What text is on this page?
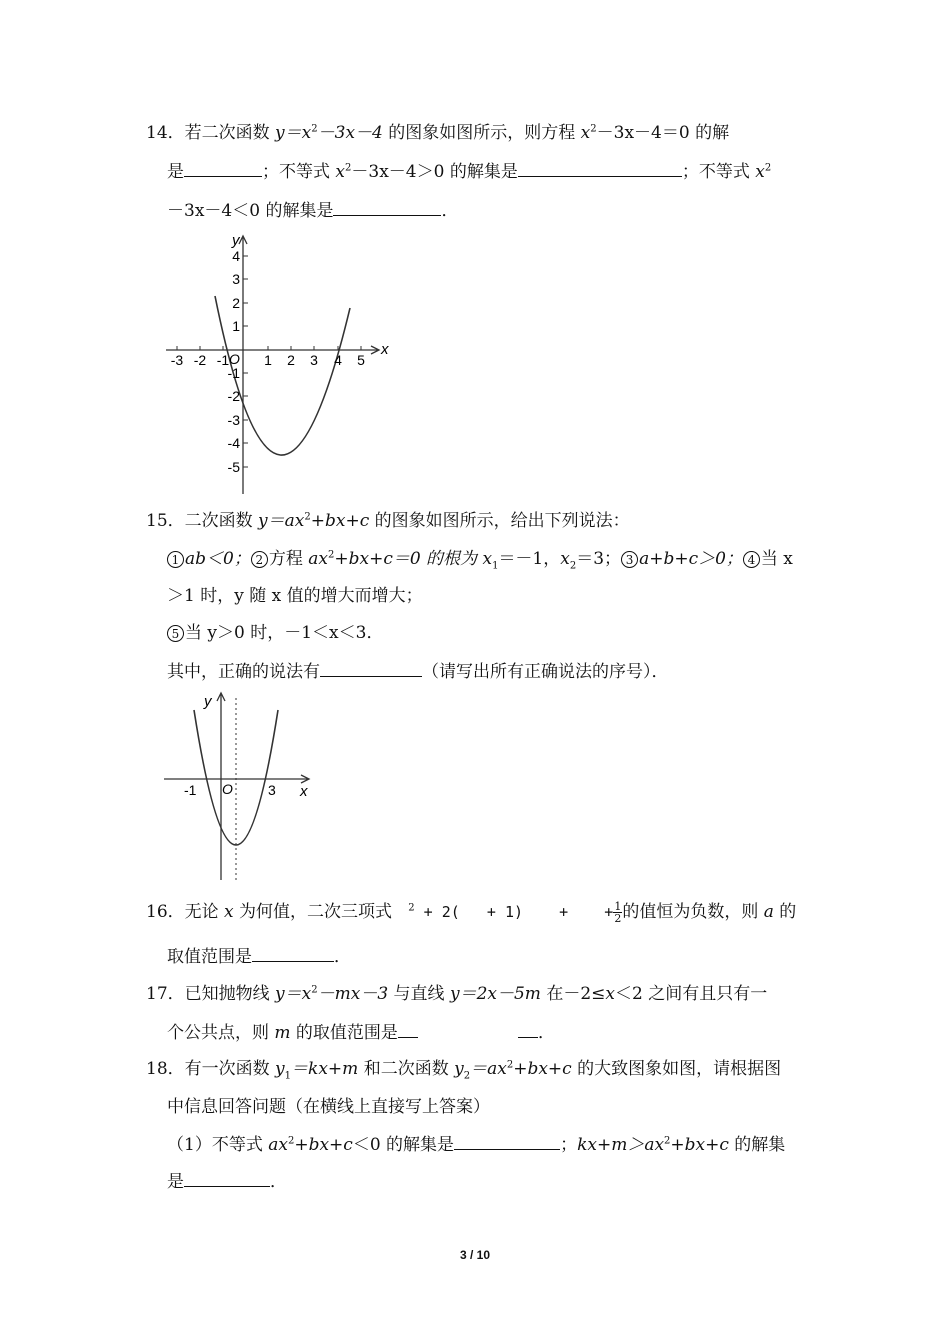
14．若二次函数 $y=x^2-3x-4$ 的图象如图所示，则方程 $x^2-3x-4=0$ 的解
是	；不等式 $x^2-3x-4>0$ 的解集是	；不等式 $x^2$
－3x－4＜0 的解集是	．
y
x
O
4
3
2
1
-1
-2
-3
-4
-5
-3 -2 -1 1 2 3 4 5
15．二次函数 $y=ax^2+bx+c$ 的图象如图所示，给出下列说法：
1 ab＜0； 2 方程 $ax^2+bx+c=0$ 的根为 $x_1=-1$，$x_2=3$； 3 a+b+c＞0； 4 当 x
＞1 时，y 随 x 值的增大而增大；
5 当 y＞0 时，－1＜x＜3．
其中，正确的说法有	（请写出所有正确说法的序号）．
y
x
O
-1	3
16．无论 x 为何值，二次三项式   $^2$ + 2(   + 1)    +    + $\frac{1}{2}$ 的值恒为负数，则 a 的
取值范围是	．
17．已知抛物线 $y=x^2-mx-3$ 与直线 y＝2x－5m 在－2≤x＜2 之间有且只有一
个公共点，则 m 的取值范围是	．
18．有一次函数 $y_1=kx+m$ 和二次函数 $y_2=ax^2+bx+c$ 的大致图象如图，请根据图
中信息回答问题（在横线上直接写上答案）
（1）不等式 $ax^2+bx+c<0$ 的解集是	；$kx+m>ax^2+bx+c$ 的解集
是	．
3 / 10
